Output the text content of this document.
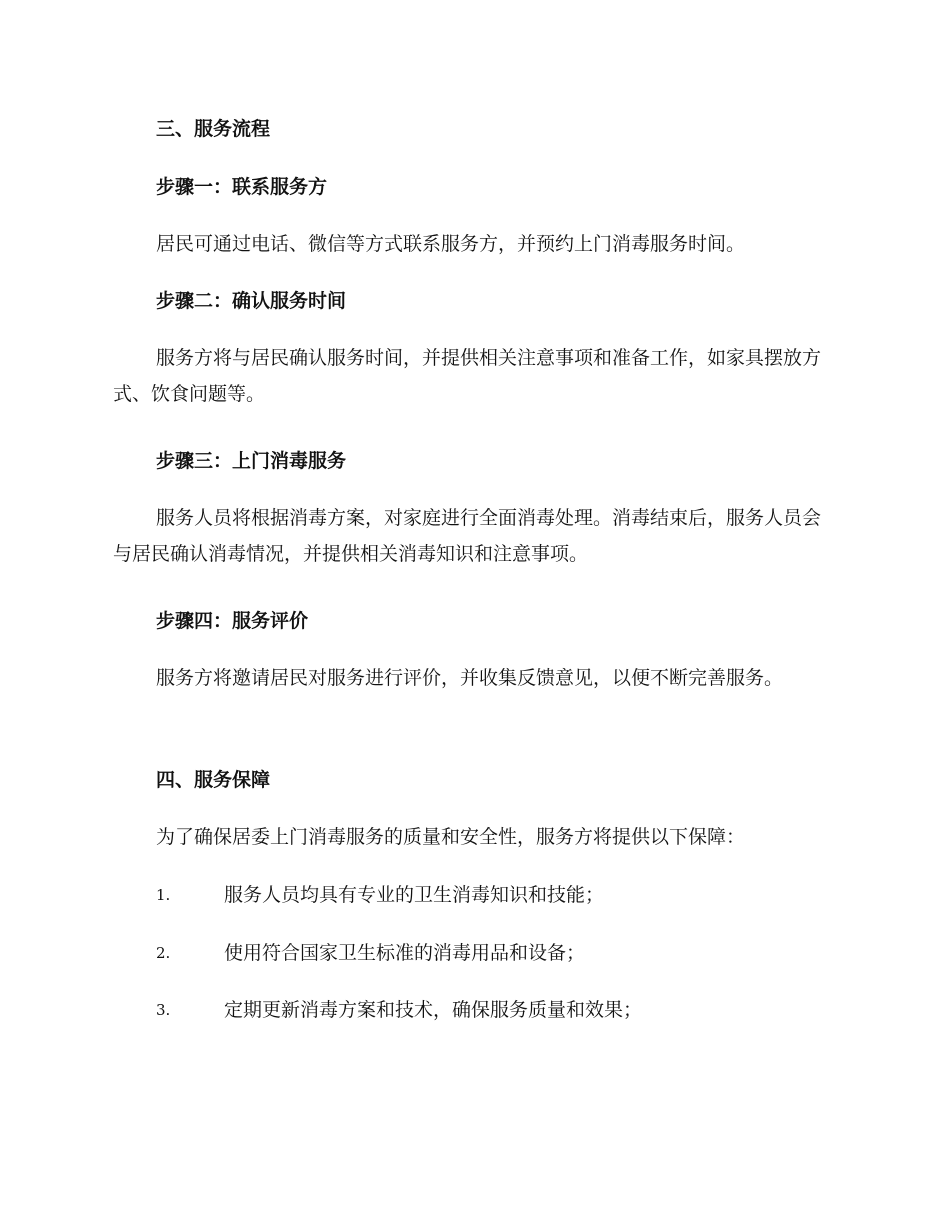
三、服务流程
步骤一：联系服务方
居民可通过电话、微信等方式联系服务方，并预约上门消毒服务时间。
步骤二：确认服务时间
服务方将与居民确认服务时间，并提供相关注意事项和准备工作，如家具摆放方式、饮食问题等。
步骤三：上门消毒服务
服务人员将根据消毒方案，对家庭进行全面消毒处理。消毒结束后，服务人员会与居民确认消毒情况，并提供相关消毒知识和注意事项。
步骤四：服务评价
服务方将邀请居民对服务进行评价，并收集反馈意见，以便不断完善服务。
四、服务保障
为了确保居委上门消毒服务的质量和安全性，服务方将提供以下保障：
1.	服务人员均具有专业的卫生消毒知识和技能；
2.	使用符合国家卫生标准的消毒用品和设备；
3.	定期更新消毒方案和技术，确保服务质量和效果；
